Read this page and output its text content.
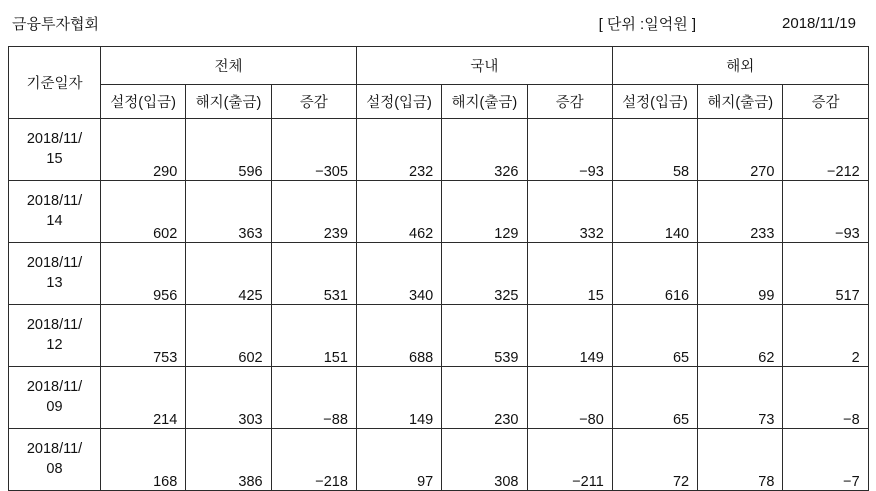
금융투자협회	[ 단위 :일억원 ]	2018/11/19
기준일자	전체			국내			해외		
	설정(입금)	해지(출금)	증감	설정(입금)	해지(출금)	증감	설정(입금)	해지(출금)	증감
2018/11/
15	290	596	−305	232	326	−93	58	270	−212
2018/11/
14	602	363	239	462	129	332	140	233	−93
2018/11/
13	956	425	531	340	325	15	616	99	517
2018/11/
12	753	602	151	688	539	149	65	62	2
2018/11/
09	214	303	−88	149	230	−80	65	73	−8
2018/11/
08	168	386	−218	97	308	−211	72	78	−7
